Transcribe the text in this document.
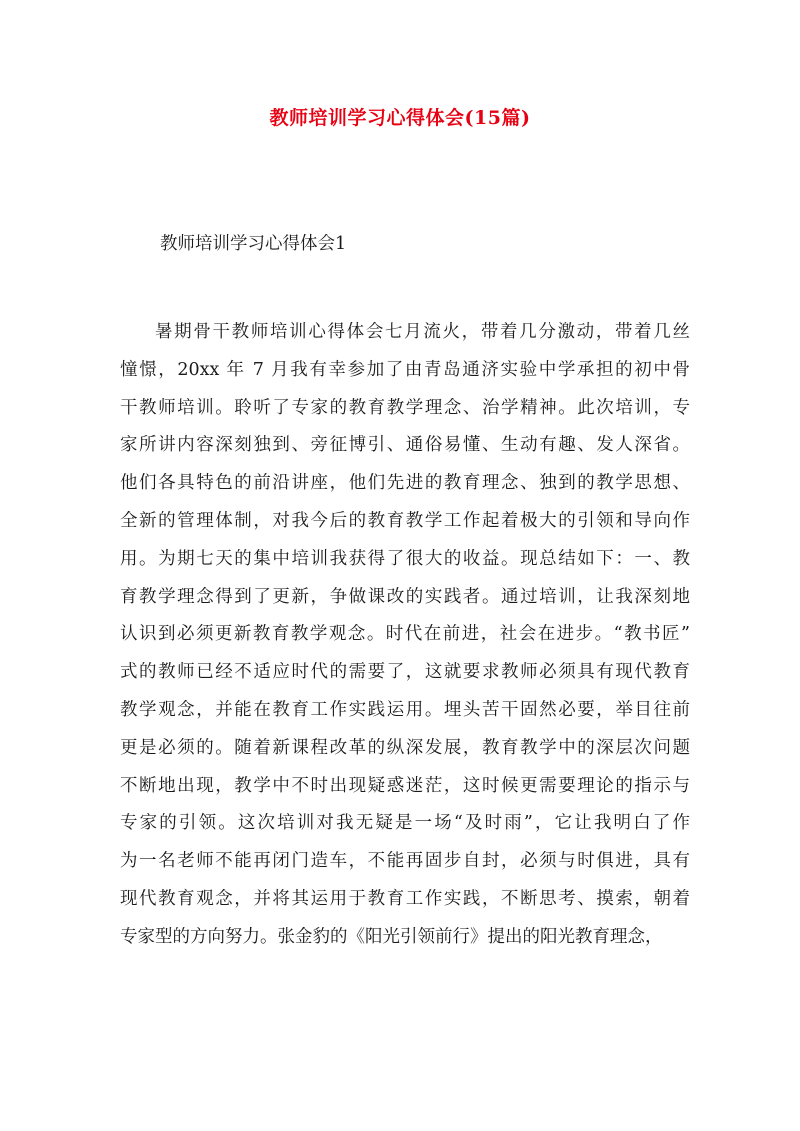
教师培训学习心得体会(15篇)

教师培训学习心得体会1

暑期骨干教师培训心得体会七月流火，带着几分激动，带着几丝
憧憬，20xx 年 7 月我有幸参加了由青岛通济实验中学承担的初中骨
干教师培训。聆听了专家的教育教学理念、治学精神。此次培训，专
家所讲内容深刻独到、旁征博引、通俗易懂、生动有趣、发人深省。
他们各具特色的前沿讲座，他们先进的教育理念、独到的教学思想、
全新的管理体制，对我今后的教育教学工作起着极大的引领和导向作
用。为期七天的集中培训我获得了很大的收益。现总结如下：一、教
育教学理念得到了更新，争做课改的实践者。通过培训，让我深刻地
认识到必须更新教育教学观念。时代在前进，社会在进步。“教书匠”
式的教师已经不适应时代的需要了，这就要求教师必须具有现代教育
教学观念，并能在教育工作实践运用。埋头苦干固然必要，举目往前
更是必须的。随着新课程改革的纵深发展，教育教学中的深层次问题
不断地出现，教学中不时出现疑惑迷茫，这时候更需要理论的指示与
专家的引领。这次培训对我无疑是一场“及时雨”，它让我明白了作
为一名老师不能再闭门造车，不能再固步自封，必须与时俱进，具有
现代教育观念，并将其运用于教育工作实践，不断思考、摸索，朝着
专家型的方向努力。张金豹的《阳光引领前行》提出的阳光教育理念，
